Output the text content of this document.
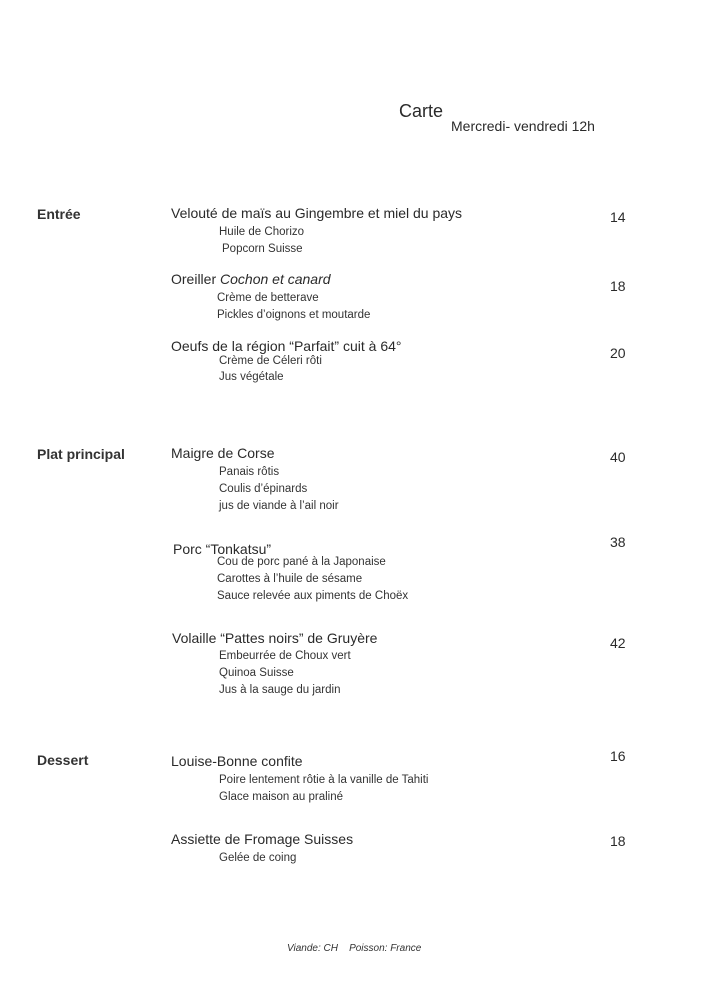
Carte
Mercredi- vendredi 12h
Entrée
Plat principal
Dessert
Velouté de maïs au Gingembre et miel du pays
Huile de Chorizo
Popcorn Suisse
14
Oreiller Cochon et canard
Crème de betterave
Pickles d’oignons et moutarde
18
Oeufs de la région “Parfait” cuit à 64°
Crème de Céleri rôti
Jus végétale
20
Maigre de Corse
Panais rôtis
Coulis d’épinards
jus de viande à l’ail noir
40
Porc “Tonkatsu”
Cou de porc pané à la Japonaise
Carottes à l’huile de sésame
Sauce relevée aux piments de Choëx
38
Volaille “Pattes noirs” de Gruyère
Embeurrée de Choux vert
Quinoa Suisse
Jus à la sauge du jardin
42
Louise-Bonne confite
Poire lentement rôtie à la vanille de Tahiti
Glace maison au praliné
16
Assiette de Fromage Suisses
Gelée de coing
18
Viande: CH    Poisson: France
